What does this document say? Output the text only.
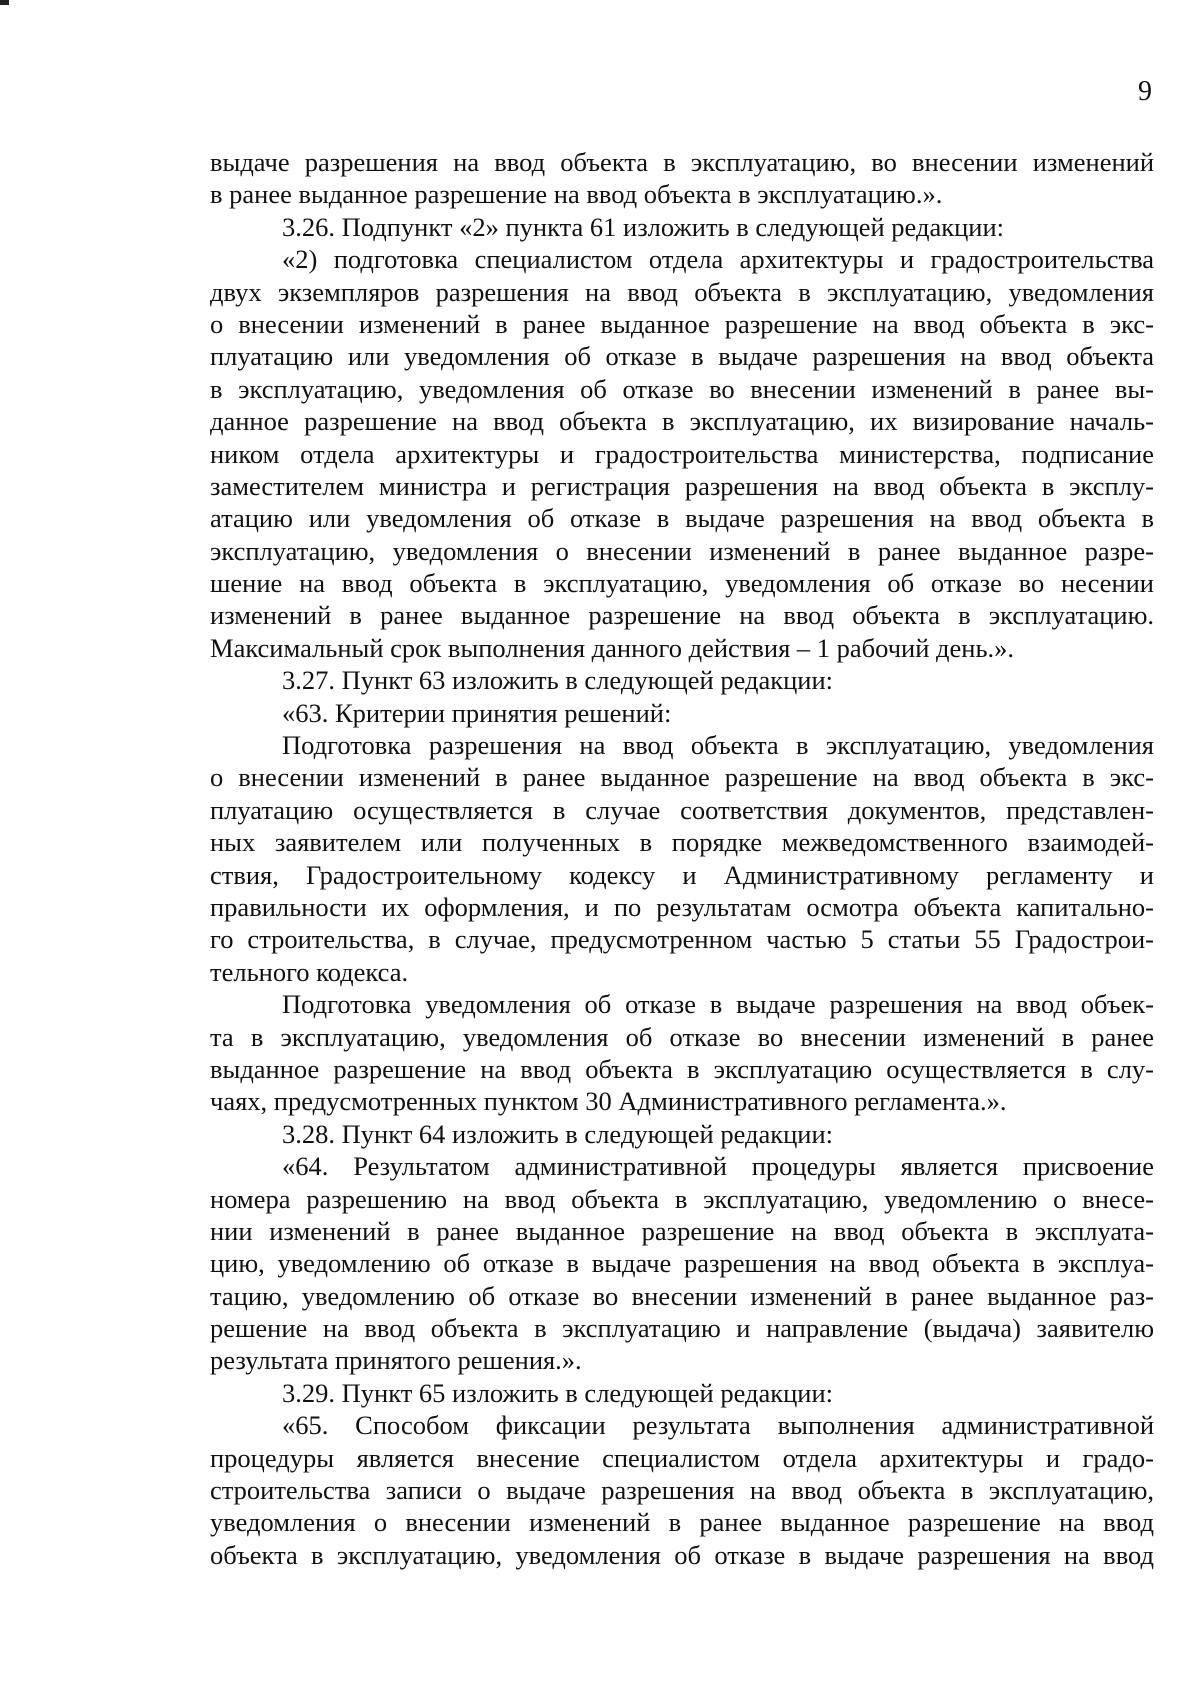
9
выдаче разрешения на ввод объекта в эксплуатацию, во внесении изменений
в ранее выданное разрешение на ввод объекта в эксплуатацию.».
3.26. Подпункт «2» пункта 61 изложить в следующей редакции:
«2) подготовка специалистом отдела архитектуры и градостроительства
двух экземпляров разрешения на ввод объекта в эксплуатацию, уведомления
о внесении изменений в ранее выданное разрешение на ввод объекта в экс-
плуатацию или уведомления об отказе в выдаче разрешения на ввод объекта
в эксплуатацию, уведомления об отказе во внесении изменений в ранее вы-
данное разрешение на ввод объекта в эксплуатацию, их визирование началь-
ником отдела архитектуры и градостроительства министерства, подписание
заместителем министра и регистрация разрешения на ввод объекта в эксплу-
атацию или уведомления об отказе в выдаче разрешения на ввод объекта в
эксплуатацию, уведомления о внесении изменений в ранее выданное разре-
шение на ввод объекта в эксплуатацию, уведомления об отказе во несении
изменений в ранее выданное разрешение на ввод объекта в эксплуатацию.
Максимальный срок выполнения данного действия – 1 рабочий день.».
3.27. Пункт 63 изложить в следующей редакции:
«63. Критерии принятия решений:
Подготовка разрешения на ввод объекта в эксплуатацию, уведомления
о внесении изменений в ранее выданное разрешение на ввод объекта в экс-
плуатацию осуществляется в случае соответствия документов, представлен-
ных заявителем или полученных в порядке межведомственного взаимодей-
ствия, Градостроительному кодексу и Административному регламенту и
правильности их оформления, и по результатам осмотра объекта капитально-
го строительства, в случае, предусмотренном частью 5 статьи 55 Градострои-
тельного кодекса.
Подготовка уведомления об отказе в выдаче разрешения на ввод объек-
та в эксплуатацию, уведомления об отказе во внесении изменений в ранее
выданное разрешение на ввод объекта в эксплуатацию осуществляется в слу-
чаях, предусмотренных пунктом 30 Административного регламента.».
3.28. Пункт 64 изложить в следующей редакции:
«64. Результатом административной процедуры является присвоение
номера разрешению на ввод объекта в эксплуатацию, уведомлению о внесе-
нии изменений в ранее выданное разрешение на ввод объекта в эксплуата-
цию, уведомлению об отказе в выдаче разрешения на ввод объекта в эксплуа-
тацию, уведомлению об отказе во внесении изменений в ранее выданное раз-
решение на ввод объекта в эксплуатацию и направление (выдача) заявителю
результата принятого решения.».
3.29. Пункт 65 изложить в следующей редакции:
«65. Способом фиксации результата выполнения административной
процедуры является внесение специалистом отдела архитектуры и градо-
строительства записи о выдаче разрешения на ввод объекта в эксплуатацию,
уведомления о внесении изменений в ранее выданное разрешение на ввод
объекта в эксплуатацию, уведомления об отказе в выдаче разрешения на ввод
